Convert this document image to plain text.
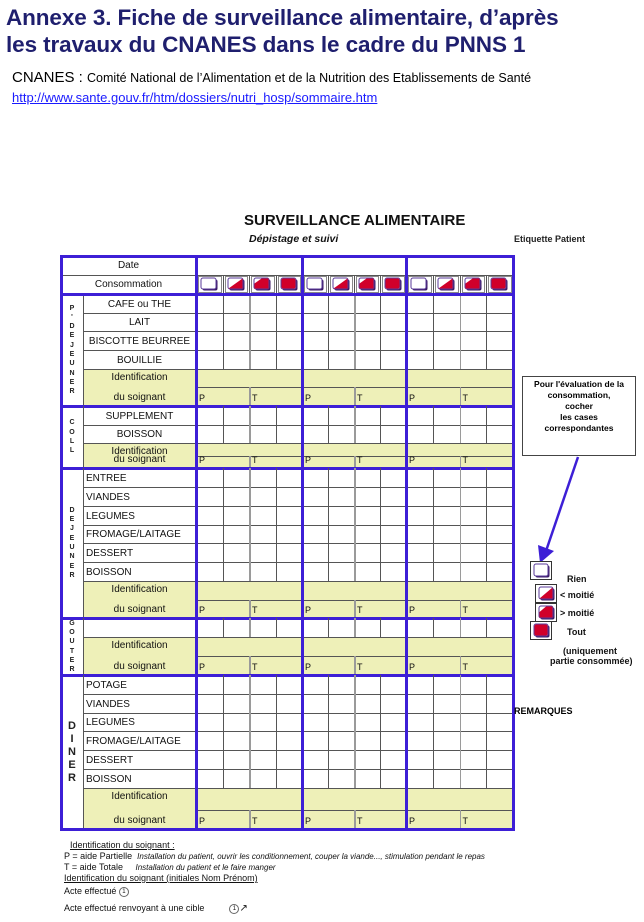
Annexe 3. Fiche de surveillance alimentaire, d’après
les travaux du CNANES dans le cadre du PNNS 1
CNANES : Comité National de l’Alimentation et de la Nutrition des Etablissements de Santé
http://www.sante.gouv.fr/htm/dossiers/nutri_hosp/sommaire.htm
SURVEILLANCE ALIMENTAIRE
Dépistage et suivi	Etiquette Patient
Date
Consommation
P
'
D
E
J
E
U
N
E
R
CAFE ou THE
LAIT
BISCOTTE BEURREE
BOUILLIE
Identification
du soignant	P	T	P	T	P	T
C
O
L
L
SUPPLEMENT
BOISSON
Identification
du soignant	P	T	P	T	P	T
D
E
J
E
U
N
E
R
ENTREE
VIANDES
LEGUMES
FROMAGE/LAITAGE
DESSERT
BOISSON
Identification
du soignant	P	T	P	T	P	T
G
O
U
T
E
R
Identification
du soignant	P	T	P	T	P	T
D
I
N
E
R
POTAGE
VIANDES
LEGUMES
FROMAGE/LAITAGE
DESSERT
BOISSON
Identification
du soignant	P	T	P	T	P	T
Pour l'évaluation de la
consommation,
cocher
les cases
correspondantes
Rien
< moitié
> moitié
Tout
(uniquement
partie consommée)
REMARQUES
Identification du soignant :
P = aide Partielle Installation du patient, ouvrir les conditionnement, couper la viande..., stimulation pendant le repas
T = aide Totale Installation du patient et le faire manger
Identification du soignant (initiales Nom Prénom)
Acte effectué 1
Acte effectué renvoyant à une cible	1 ↗
